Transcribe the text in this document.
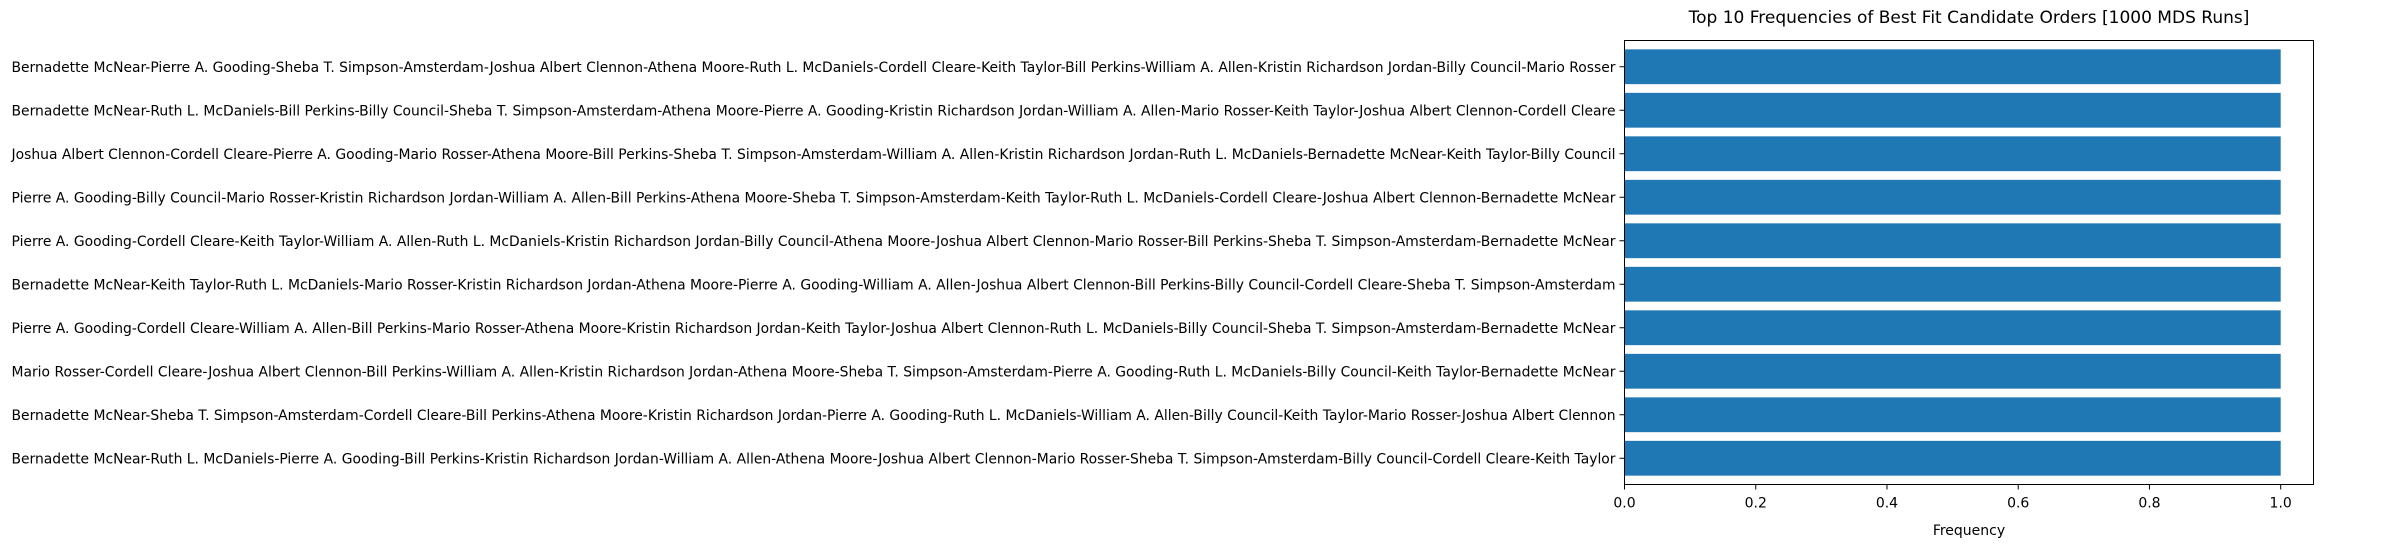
Top 10 Frequencies of Best Fit Candidate Orders [1000 MDS Runs]
Bernadette McNear-Pierre A. Gooding-Sheba T. Simpson-Amsterdam-Joshua Albert Clennon-Athena Moore-Ruth L. McDaniels-Cordell Cleare-Keith Taylor-Bill Perkins-William A. Allen-Kristin Richardson Jordan-Billy Council-Mario Rosser
Bernadette McNear-Ruth L. McDaniels-Bill Perkins-Billy Council-Sheba T. Simpson-Amsterdam-Athena Moore-Pierre A. Gooding-Kristin Richardson Jordan-William A. Allen-Mario Rosser-Keith Taylor-Joshua Albert Clennon-Cordell Cleare
Joshua Albert Clennon-Cordell Cleare-Pierre A. Gooding-Mario Rosser-Athena Moore-Bill Perkins-Sheba T. Simpson-Amsterdam-William A. Allen-Kristin Richardson Jordan-Ruth L. McDaniels-Bernadette McNear-Keith Taylor-Billy Council
Pierre A. Gooding-Billy Council-Mario Rosser-Kristin Richardson Jordan-William A. Allen-Bill Perkins-Athena Moore-Sheba T. Simpson-Amsterdam-Keith Taylor-Ruth L. McDaniels-Cordell Cleare-Joshua Albert Clennon-Bernadette McNear
Pierre A. Gooding-Cordell Cleare-Keith Taylor-William A. Allen-Ruth L. McDaniels-Kristin Richardson Jordan-Billy Council-Athena Moore-Joshua Albert Clennon-Mario Rosser-Bill Perkins-Sheba T. Simpson-Amsterdam-Bernadette McNear
Bernadette McNear-Keith Taylor-Ruth L. McDaniels-Mario Rosser-Kristin Richardson Jordan-Athena Moore-Pierre A. Gooding-William A. Allen-Joshua Albert Clennon-Bill Perkins-Billy Council-Cordell Cleare-Sheba T. Simpson-Amsterdam
Pierre A. Gooding-Cordell Cleare-William A. Allen-Bill Perkins-Mario Rosser-Athena Moore-Kristin Richardson Jordan-Keith Taylor-Joshua Albert Clennon-Ruth L. McDaniels-Billy Council-Sheba T. Simpson-Amsterdam-Bernadette McNear
Mario Rosser-Cordell Cleare-Joshua Albert Clennon-Bill Perkins-William A. Allen-Kristin Richardson Jordan-Athena Moore-Sheba T. Simpson-Amsterdam-Pierre A. Gooding-Ruth L. McDaniels-Billy Council-Keith Taylor-Bernadette McNear
Bernadette McNear-Sheba T. Simpson-Amsterdam-Cordell Cleare-Bill Perkins-Athena Moore-Kristin Richardson Jordan-Pierre A. Gooding-Ruth L. McDaniels-William A. Allen-Billy Council-Keith Taylor-Mario Rosser-Joshua Albert Clennon
Bernadette McNear-Ruth L. McDaniels-Pierre A. Gooding-Bill Perkins-Kristin Richardson Jordan-William A. Allen-Athena Moore-Joshua Albert Clennon-Mario Rosser-Sheba T. Simpson-Amsterdam-Billy Council-Cordell Cleare-Keith Taylor
0.0	0.2	0.4	0.6	0.8	1.0
Frequency
